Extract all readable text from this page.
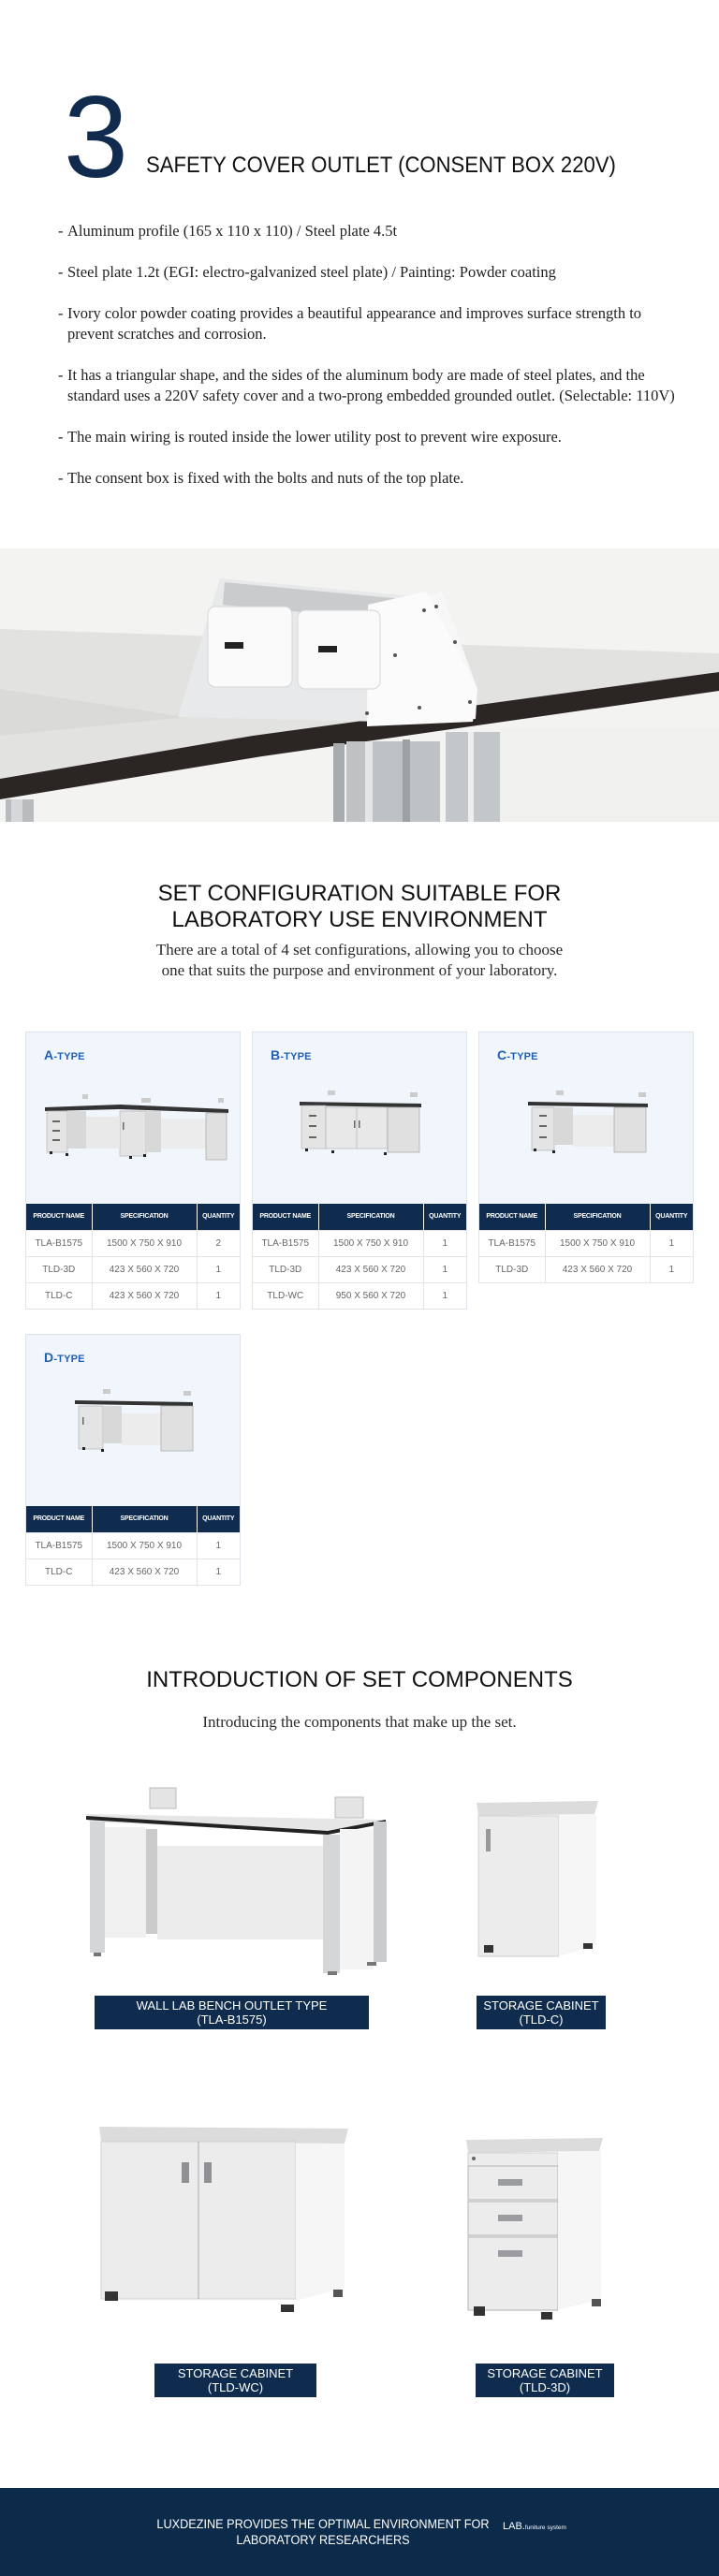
3 SAFETY COVER OUTLET (CONSENT BOX 220V)
- Aluminum profile (165 x 110 x 110) / Steel plate 4.5t
- Steel plate 1.2t (EGI: electro-galvanized steel plate) / Painting: Powder coating
- Ivory color powder coating provides a beautiful appearance and improves surface strength to prevent scratches and corrosion.
- It has a triangular shape, and the sides of the aluminum body are made of steel plates, and the standard uses a 220V safety cover and a two-prong embedded grounded outlet. (Selectable: 110V)
- The main wiring is routed inside the lower utility post to prevent wire exposure.
- The consent box is fixed with the bolts and nuts of the top plate.
SET CONFIGURATION SUITABLE FOR
LABORATORY USE ENVIRONMENT
There are a total of 4 set configurations, allowing you to choose
one that suits the purpose and environment of your laboratory.
A-TYPE
PRODUCT NAME	SPECIFICATION	QUANTITY
TLA-B1575	1500 X 750 X 910	2
TLD-3D	423 X 560 X 720	1
TLD-C	423 X 560 X 720	1
B-TYPE
PRODUCT NAME	SPECIFICATION	QUANTITY
TLA-B1575	1500 X 750 X 910	1
TLD-3D	423 X 560 X 720	1
TLD-WC	950 X 560 X 720	1
C-TYPE
PRODUCT NAME	SPECIFICATION	QUANTITY
TLA-B1575	1500 X 750 X 910	1
TLD-3D	423 X 560 X 720	1
D-TYPE
PRODUCT NAME	SPECIFICATION	QUANTITY
TLA-B1575	1500 X 750 X 910	1
TLD-C	423 X 560 X 720	1
INTRODUCTION OF SET COMPONENTS
Introducing the components that make up the set.
WALL LAB BENCH OUTLET TYPE
(TLA-B1575)
STORAGE CABINET
(TLD-C)
STORAGE CABINET
(TLD-WC)
STORAGE CABINET
(TLD-3D)
LUXDEZINE PROVIDES THE OPTIMAL ENVIRONMENT FOR
LABORATORY RESEARCHERS
LAB.funiture system
